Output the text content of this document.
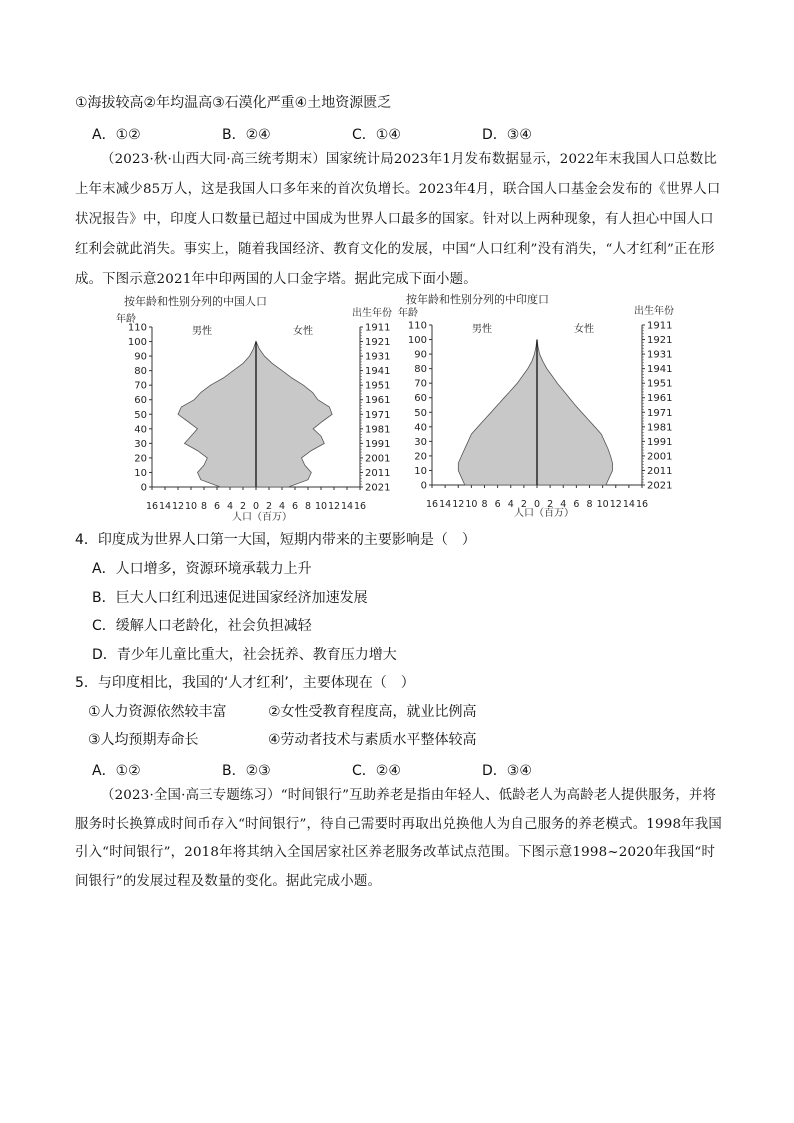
①海拔较高②年均温高③石漠化严重④土地资源匮乏
A．①②	B．②④	C．①④	D．③④
（2023·秋·山西大同·高三统考期末）国家统计局2023年1月发布数据显示，2022年末我国人口总数比上年末减少85万人，这是我国人口多年来的首次负增长。2023年4月，联合国人口基金会发布的《世界人口状况报告》中，印度人口数量已超过中国成为世界人口最多的国家。针对以上两种现象，有人担心中国人口红利会就此消失。事实上，随着我国经济、教育文化的发展，中国“人口红利”没有消失，“人才红利”正在形成。下图示意2021年中印两国的人口金字塔。据此完成下面小题。
按年龄和性别分列的中国人口
年龄
出生年份
男性	女性
0	2021
10	2011
20	2001
30	1991
40	1981
50	1971
60	1961
70	1951
80	1941
90	1931
100	1921
110	1911
16 14 12 10 8 6 4 2 0 2 4 6 8 10 12 14 16
人口（百万）
按年龄和性别分列的中印度口
年龄	出生年份
男性	女性
0	2021
10	2011
20	2001
30	1991
40	1981
50	1971
60	1961
70	1951
80	1941
90	1931
100	1921
110	1911
16 14 12 10 8 6 4 2 0 2 4 6 8 10 12 14 16
人口（百万）
4．印度成为世界人口第一大国，短期内带来的主要影响是（　）
A．人口增多，资源环境承载力上升
B．巨大人口红利迅速促进国家经济加速发展
C．缓解人口老龄化，社会负担减轻
D．青少年儿童比重大，社会抚养、教育压力增大
5．与印度相比，我国的‘人才红利’，主要体现在（　）
①人力资源依然较丰富	②女性受教育程度高，就业比例高
③人均预期寿命长	④劳动者技术与素质水平整体较高
A．①②	B．②③	C．②④	D．③④
（2023·全国·高三专题练习）“时间银行”互助养老是指由年轻人、低龄老人为高龄老人提供服务，并将服务时长换算成时间币存入“时间银行”，待自己需要时再取出兑换他人为自己服务的养老模式。1998年我国引入“时间银行”，2018年将其纳入全国居家社区养老服务改革试点范围。下图示意1998~2020年我国“时间银行”的发展过程及数量的变化。据此完成小题。
